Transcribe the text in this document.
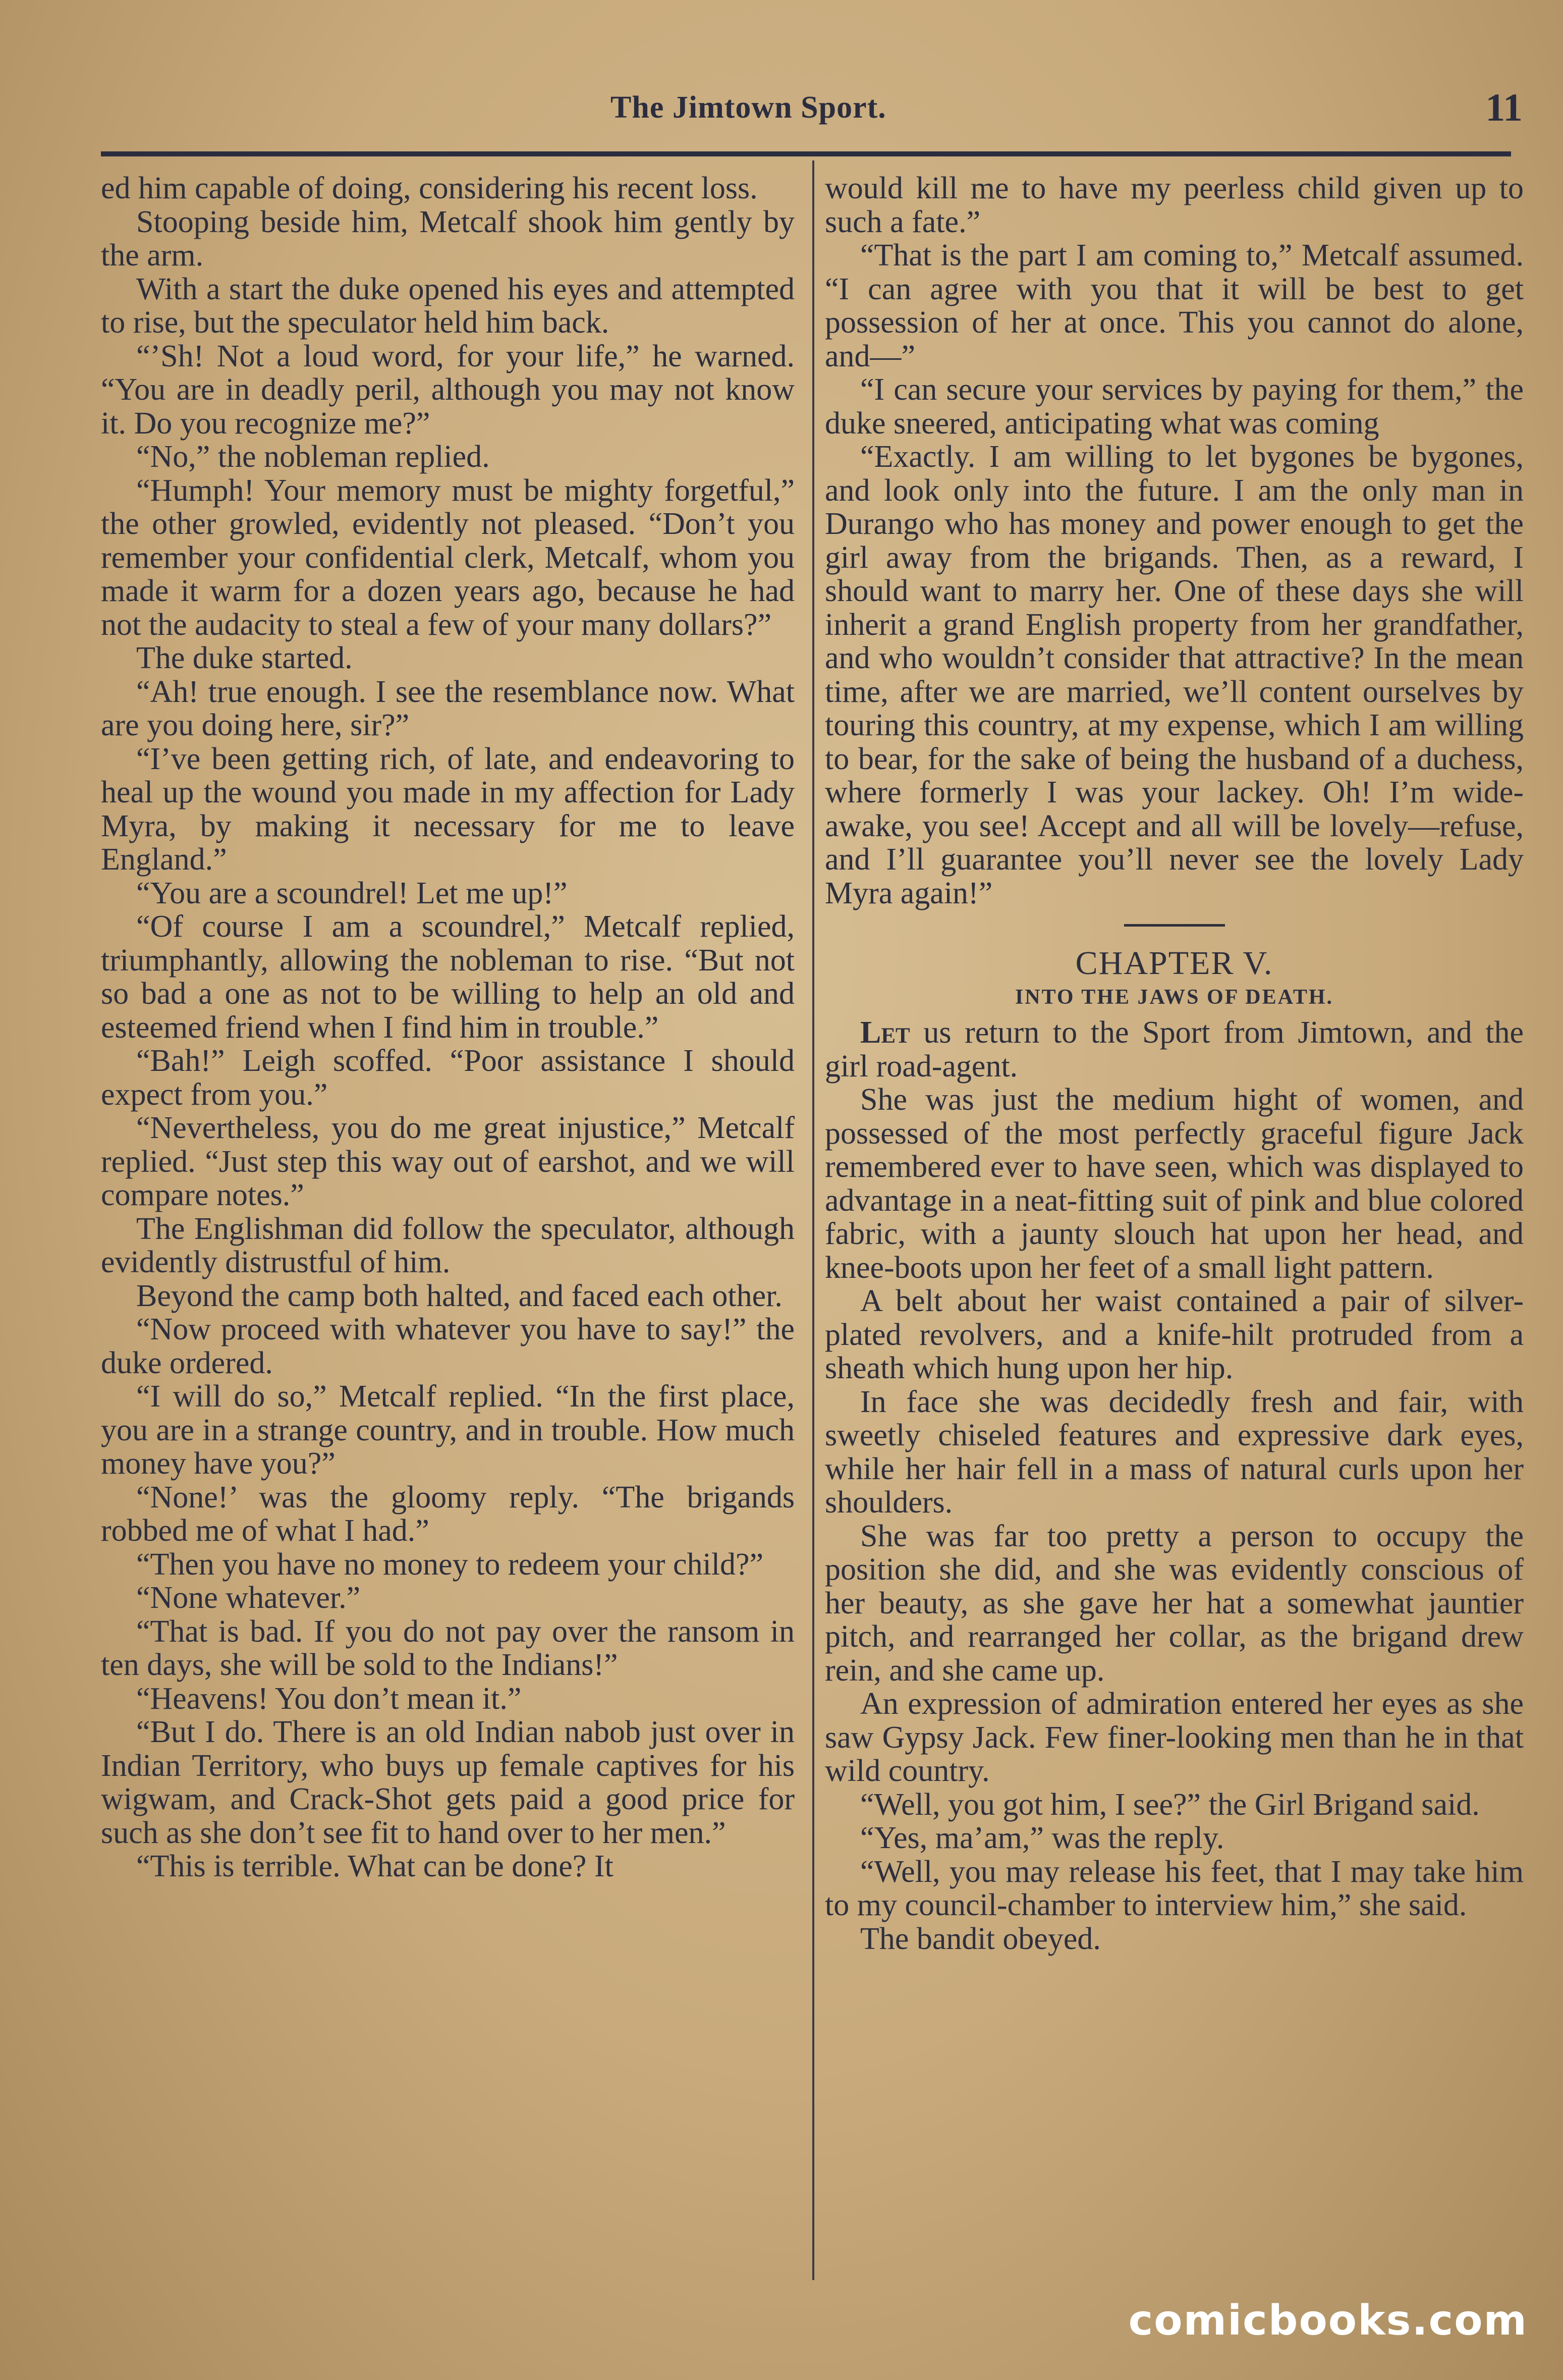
The Jimtown Sport.	11

ed him capable of doing, considering his recent loss.

Stooping beside him, Metcalf shook him gently by the arm.

With a start the duke opened his eyes and attempted to rise, but the speculator held him back.

“’Sh! Not a loud word, for your life,” he warned. “You are in deadly peril, although you may not know it. Do you recognize me?”

“No,” the nobleman replied.

“Humph! Your memory must be mighty forgetful,” the other growled, evidently not pleased. “Don’t you remember your confidential clerk, Metcalf, whom you made it warm for a dozen years ago, because he had not the audacity to steal a few of your many dollars?”

The duke started.

“Ah! true enough. I see the resemblance now. What are you doing here, sir?”

“I’ve been getting rich, of late, and endeavoring to heal up the wound you made in my affection for Lady Myra, by making it necessary for me to leave England.”

“You are a scoundrel! Let me up!”

“Of course I am a scoundrel,” Metcalf replied, triumphantly, allowing the nobleman to rise. “But not so bad a one as not to be willing to help an old and esteemed friend when I find him in trouble.”

“Bah!” Leigh scoffed. “Poor assistance I should expect from you.”

“Nevertheless, you do me great injustice,” Metcalf replied. “Just step this way out of earshot, and we will compare notes.”

The Englishman did follow the speculator, although evidently distrustful of him.

Beyond the camp both halted, and faced each other.

“Now proceed with whatever you have to say!” the duke ordered.

“I will do so,” Metcalf replied. “In the first place, you are in a strange country, and in trouble. How much money have you?”

“None!’ was the gloomy reply. “The brigands robbed me of what I had.”

“Then you have no money to redeem your child?”

“None whatever.”

“That is bad. If you do not pay over the ransom in ten days, she will be sold to the Indians!”

“Heavens! You don’t mean it.”

“But I do. There is an old Indian nabob just over in Indian Territory, who buys up female captives for his wigwam, and Crack-Shot gets paid a good price for such as she don’t see fit to hand over to her men.”

“This is terrible. What can be done? It

would kill me to have my peerless child given up to such a fate.”

“That is the part I am coming to,” Metcalf assumed. “I can agree with you that it will be best to get possession of her at once. This you cannot do alone, and—”

“I can secure your services by paying for them,” the duke sneered, anticipating what was coming

“Exactly. I am willing to let bygones be bygones, and look only into the future. I am the only man in Durango who has money and power enough to get the girl away from the brigands. Then, as a reward, I should want to marry her. One of these days she will inherit a grand English property from her grandfather, and who wouldn’t consider that attractive? In the mean time, after we are married, we’ll content ourselves by touring this country, at my expense, which I am willing to bear, for the sake of being the husband of a duchess, where formerly I was your lackey. Oh! I’m wide-awake, you see! Accept and all will be lovely—refuse, and I’ll guarantee you’ll never see the lovely Lady Myra again!”

CHAPTER V.
INTO THE JAWS OF DEATH.

Let us return to the Sport from Jimtown, and the girl road-agent.

She was just the medium hight of women, and possessed of the most perfectly graceful figure Jack remembered ever to have seen, which was displayed to advantage in a neat-fitting suit of pink and blue colored fabric, with a jaunty slouch hat upon her head, and knee-boots upon her feet of a small light pattern.

A belt about her waist contained a pair of silver-plated revolvers, and a knife-hilt protruded from a sheath which hung upon her hip.

In face she was decidedly fresh and fair, with sweetly chiseled features and expressive dark eyes, while her hair fell in a mass of natural curls upon her shoulders.

She was far too pretty a person to occupy the position she did, and she was evidently conscious of her beauty, as she gave her hat a somewhat jauntier pitch, and rearranged her collar, as the brigand drew rein, and she came up.

An expression of admiration entered her eyes as she saw Gypsy Jack. Few finer-looking men than he in that wild country.

“Well, you got him, I see?” the Girl Brigand said.

“Yes, ma’am,” was the reply.

“Well, you may release his feet, that I may take him to my council-chamber to interview him,” she said.

The bandit obeyed.

comicbooks.com
